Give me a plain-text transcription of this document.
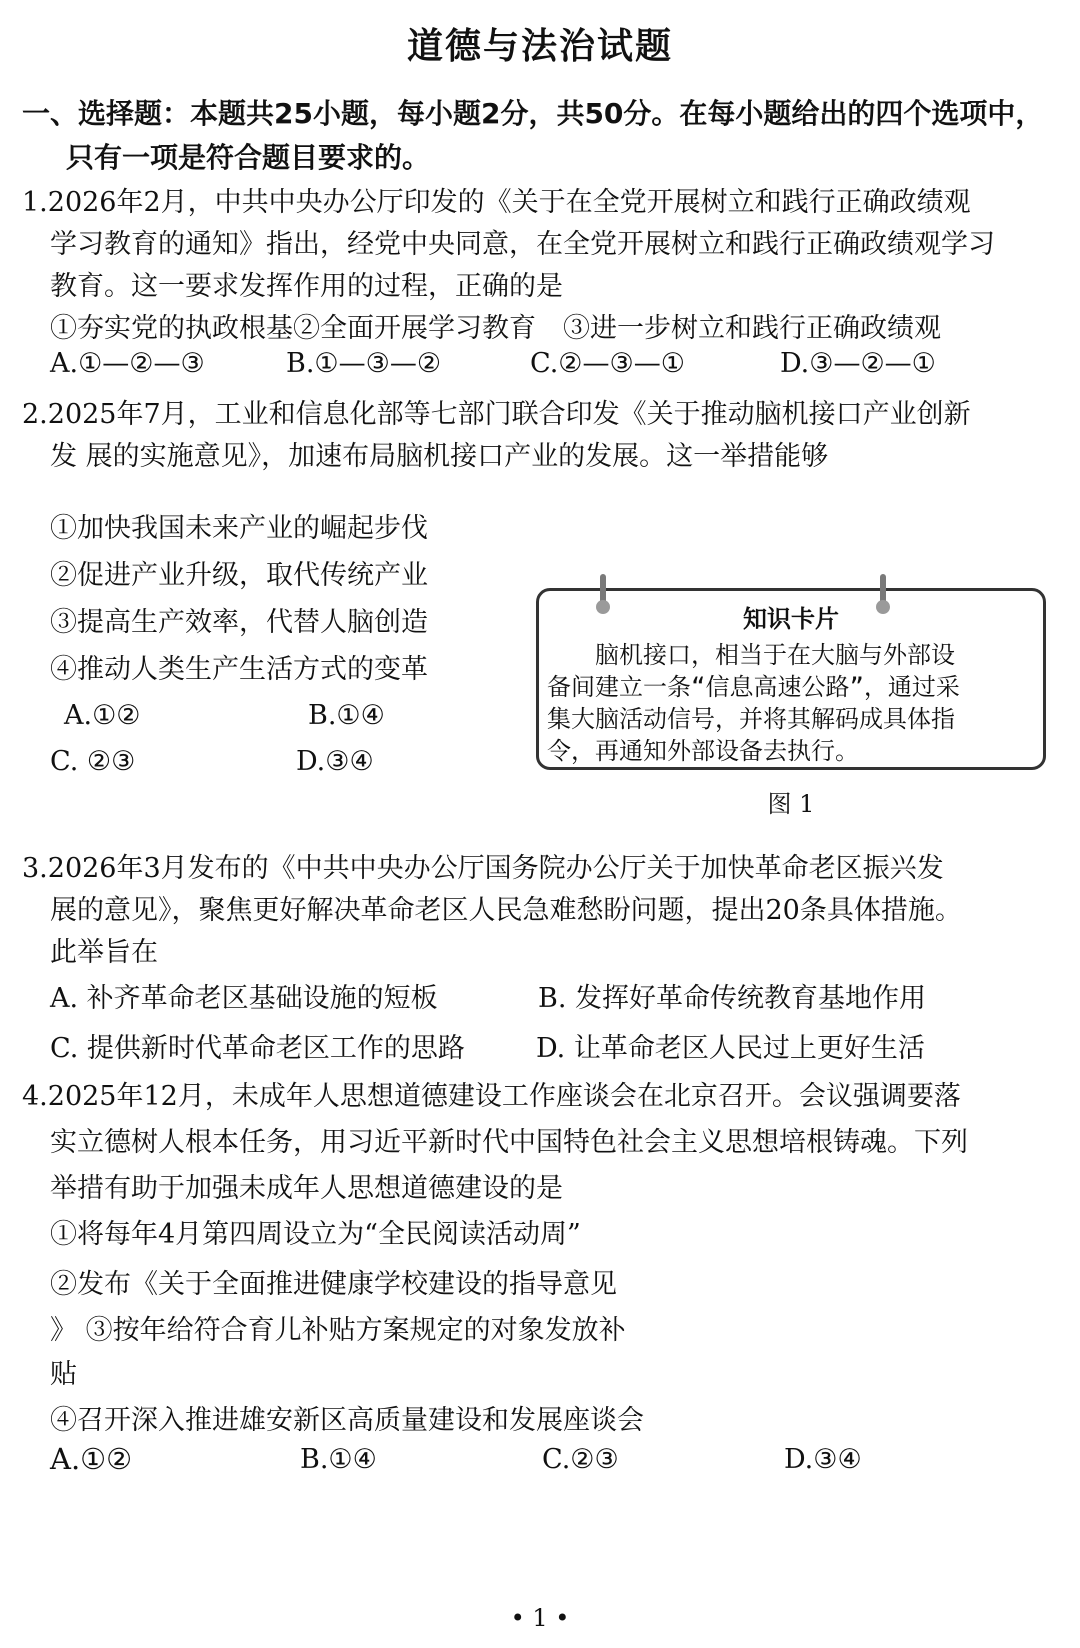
道德与法治试题
一、选择题：本题共25小题，每小题2分，共50分。在每小题给出的四个选项中，
只有一项是符合题目要求的。
1.2026年2月，中共中央办公厅印发的《关于在全党开展树立和践行正确政绩观
学习教育的通知》指出，经党中央同意，在全党开展树立和践行正确政绩观学习
教育。这一要求发挥作用的过程，正确的是
①夯实党的执政根基②全面开展学习教育　③进一步树立和践行正确政绩观
A.①—②—③	B.①—③—②	C.②—③—①	D.③—②—①
2.2025年7月，工业和信息化部等七部门联合印发《关于推动脑机接口产业创新
发 展的实施意见》，加速布局脑机接口产业的发展。这一举措能够
①加快我国未来产业的崛起步伐
②促进产业升级，取代传统产业
③提高生产效率，代替人脑创造
④推动人类生产生活方式的变革
A.①②	B.①④
C. ②③	D.③④
知识卡片
　　脑机接口，相当于在大脑与外部设
备间建立一条“信息高速公路”，通过采
集大脑活动信号，并将其解码成具体指
令，再通知外部设备去执行。
图 1
3.2026年3月发布的《中共中央办公厅国务院办公厅关于加快革命老区振兴发
展的意见》，聚焦更好解决革命老区人民急难愁盼问题，提出20条具体措施。
此举旨在
A. 补齐革命老区基础设施的短板	B. 发挥好革命传统教育基地作用
C. 提供新时代革命老区工作的思路	D. 让革命老区人民过上更好生活
4.2025年12月，未成年人思想道德建设工作座谈会在北京召开。会议强调要落
实立德树人根本任务，用习近平新时代中国特色社会主义思想培根铸魂。下列
举措有助于加强未成年人思想道德建设的是
①将每年4月第四周设立为“全民阅读活动周”
②发布《关于全面推进健康学校建设的指导意见
》 ③按年给符合育儿补贴方案规定的对象发放补
贴
④召开深入推进雄安新区高质量建设和发展座谈会
A.①②	B.①④	C.②③	D.③④
• 1 •
